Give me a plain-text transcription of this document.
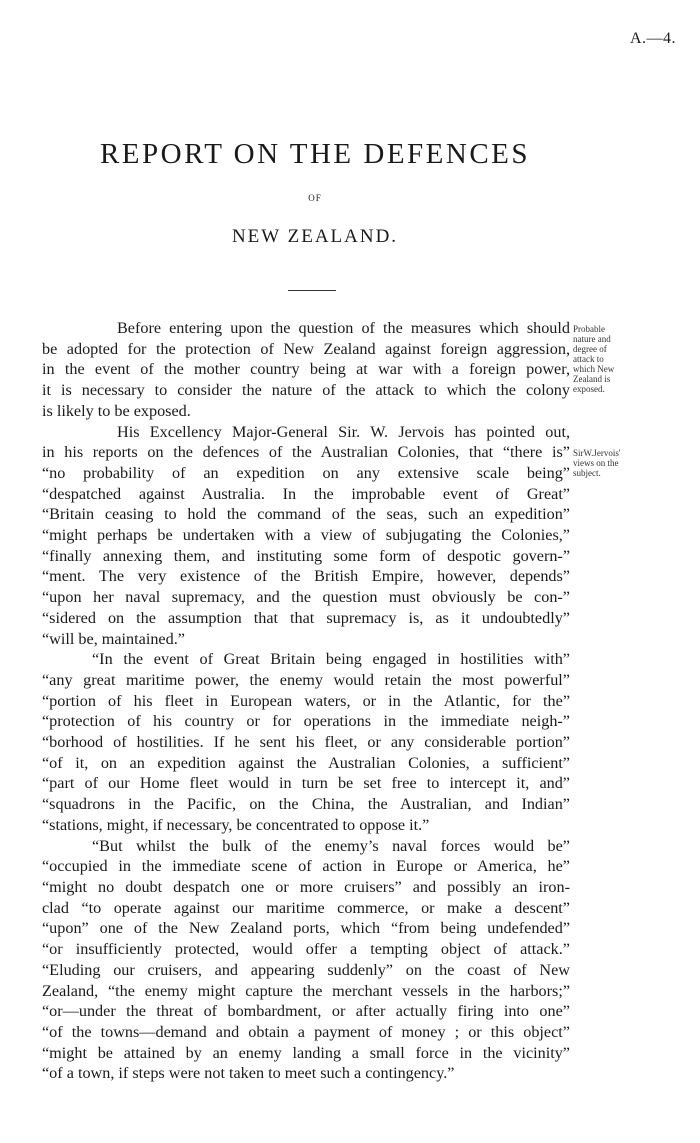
A.—4.
REPORT ON THE DEFENCES
OF
NEW ZEALAND.
Probable
nature and
degree of
attack to
which New
Zealand is
exposed.
SirW.Jervois'
views on the
subject.

Before entering upon the question of the measures which should
be adopted for the protection of New Zealand against foreign aggression,
in the event of the mother country being at war with a foreign power,
it is necessary to consider the nature of the attack to which the colony
is likely to be exposed.

His Excellency Major-General Sir. W. Jervois has pointed out,
in his reports on the defences of the Australian Colonies, that “there is”
“no probability of an expedition on any extensive scale being”
“despatched against Australia. In the improbable event of Great”
“Britain ceasing to hold the command of the seas, such an expedition”
“might perhaps be undertaken with a view of subjugating the Colonies,”
“finally annexing them, and instituting some form of despotic govern-”
“ment. The very existence of the British Empire, however, depends”
“upon her naval supremacy, and the question must obviously be con-”
“sidered on the assumption that that supremacy is, as it undoubtedly”
“will be, maintained.”

“In the event of Great Britain being engaged in hostilities with”
“any great maritime power, the enemy would retain the most powerful”
“portion of his fleet in European waters, or in the Atlantic, for the”
“protection of his country or for operations in the immediate neigh-”
“borhood of hostilities. If he sent his fleet, or any considerable portion”
“of it, on an expedition against the Australian Colonies, a sufficient”
“part of our Home fleet would in turn be set free to intercept it, and”
“squadrons in the Pacific, on the China, the Australian, and Indian”
“stations, might, if necessary, be concentrated to oppose it.”

“But whilst the bulk of the enemy’s naval forces would be”
“occupied in the immediate scene of action in Europe or America, he”
“might no doubt despatch one or more cruisers” and possibly an iron-
clad “to operate against our maritime commerce, or make a descent”
“upon” one of the New Zealand ports, which “from being undefended”
“or insufficiently protected, would offer a tempting object of attack.”
“Eluding our cruisers, and appearing suddenly” on the coast of New
Zealand, “the enemy might capture the merchant vessels in the harbors;”
“or—under the threat of bombardment, or after actually firing into one”
“of the towns—demand and obtain a payment of money ; or this object”
“might be attained by an enemy landing a small force in the vicinity”
“of a town, if steps were not taken to meet such a contingency.”
